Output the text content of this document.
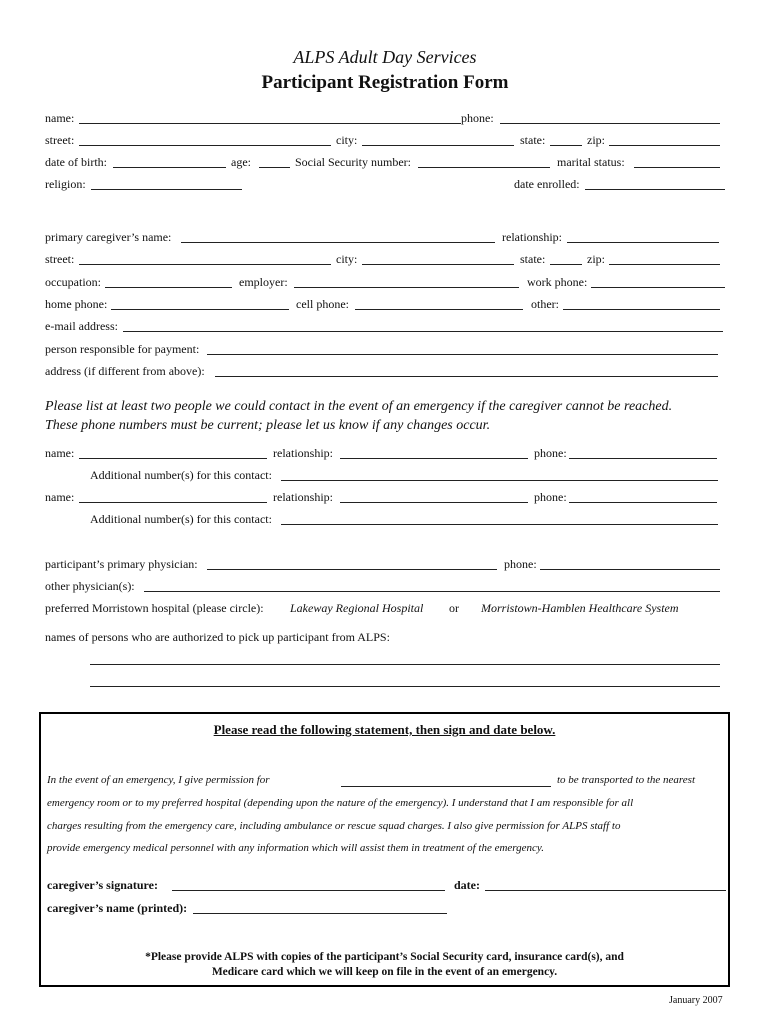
ALPS Adult Day Services
Participant Registration Form
name:	phone:
street:	city:	state:	zip:
date of birth:	age:	Social Security number:	marital status:
religion:	date enrolled:
primary caregiver’s name:	relationship:
street:	city:	state:	zip:
occupation:	employer:	work phone:
home phone:	cell phone:	other:
e-mail address:
person responsible for payment:
address (if different from above):
Please list at least two people we could contact in the event of an emergency if the caregiver cannot be reached.
These phone numbers must be current; please let us know if any changes occur.
name:	relationship:	phone:
Additional number(s) for this contact:
name:	relationship:	phone:
Additional number(s) for this contact:
participant’s primary physician:	phone:
other physician(s):
preferred Morristown hospital (please circle): Lakeway Regional Hospital or Morristown-Hamblen Healthcare System
names of persons who are authorized to pick up participant from ALPS:
Please read the following statement, then sign and date below.
In the event of an emergency, I give permission for	to be transported to the nearest
emergency room or to my preferred hospital (depending upon the nature of the emergency). I understand that I am responsible for all
charges resulting from the emergency care, including ambulance or rescue squad charges. I also give permission for ALPS staff to
provide emergency medical personnel with any information which will assist them in treatment of the emergency.
caregiver’s signature:	date:
caregiver’s name (printed):
*Please provide ALPS with copies of the participant’s Social Security card, insurance card(s), and
Medicare card which we will keep on file in the event of an emergency.
January 2007
